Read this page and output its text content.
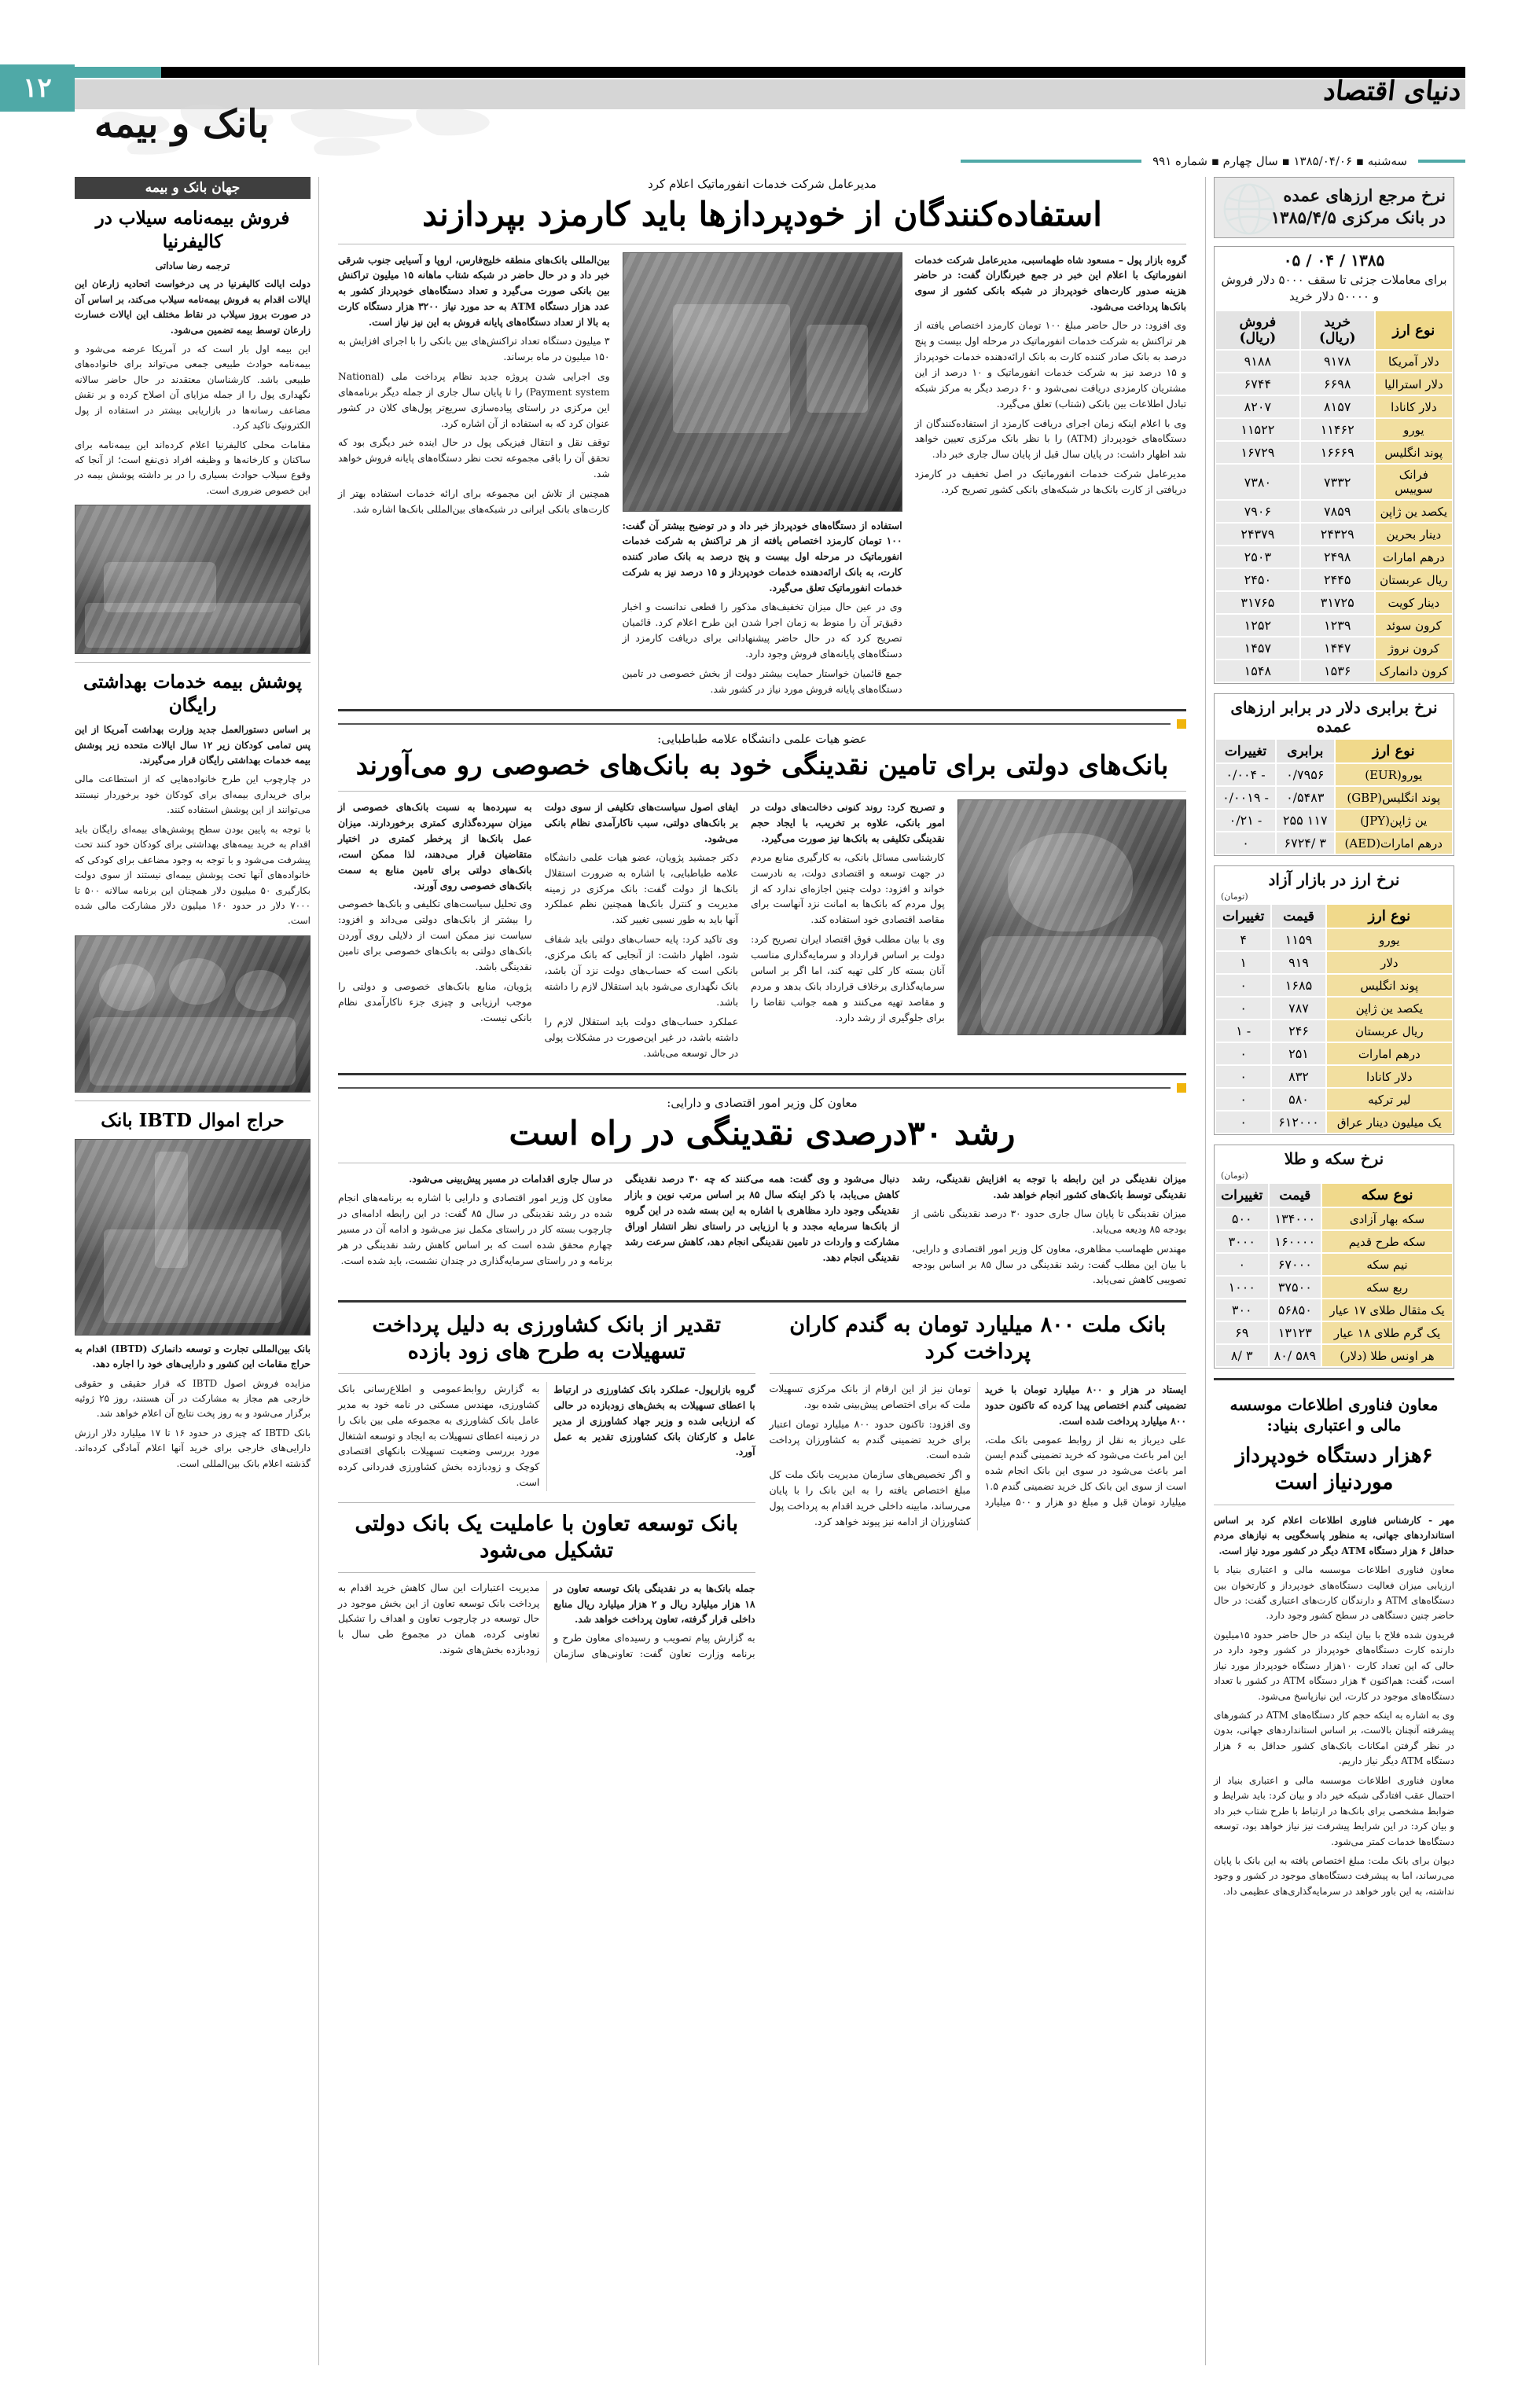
دنیای اقتصاد
۱۲
بانک و بیمه
سه‌شنبه ▪ ۱۳۸۵/۰۴/۰۶ ▪ سال چهارم ▪ شماره ۹۹۱
نرخ مرجع ارزهای عمده
در بانک مرکزی ۱۳۸۵/۴/۵
۱۳۸۵ / ۰۴ / ۰۵
برای معاملات جزئی تا سقف ۵۰۰۰ دلار فروش و ۵۰۰۰۰ دلار خرید
نوع ارز	خرید (ریال)	فروش (ریال)
دلار آمریکا	۹۱۷۸	۹۱۸۸
دلار استرالیا	۶۶۹۸	۶۷۴۴
دلار کانادا	۸۱۵۷	۸۲۰۷
یورو	۱۱۴۶۲	۱۱۵۲۲
پوند انگلیس	۱۶۶۶۹	۱۶۷۲۹
فرانک سوییس	۷۳۳۲	۷۳۸۰
یکصد ین ژاپن	۷۸۵۹	۷۹۰۶
دینار بحرین	۲۴۳۲۹	۲۴۳۷۹
درهم امارات	۲۴۹۸	۲۵۰۳
ریال عربستان	۲۴۴۵	۲۴۵۰
دینار کویت	۳۱۷۲۵	۳۱۷۶۵
کرون سوئد	۱۲۳۹	۱۲۵۲
کرون نروژ	۱۴۴۷	۱۴۵۷
کرون دانمارک	۱۵۳۶	۱۵۴۸
نرخ برابری دلار در برابر ارزهای عمده
نوع ارز	برابری	تغییرات
یورو(EUR)	۰/۷۹۵۶	- ۰/۰۰۴
پوند انگلیس(GBP)	۰/۵۴۸۳	- ۰/۰۰۱۹
ین ژاپن(JPY)	۱۱۷ ۲۵۵	- ۰/۲۱
درهم امارات(AED)	۳ /۶۷۲۴	۰
نرخ ارز در بازار آزاد
(تومان)
نوع ارز	قیمت	تغییرات
یورو	۱۱۵۹	۴
دلار	۹۱۹	۱
پوند انگلیس	۱۶۸۵	۰
یکصد ین ژاپن	۷۸۷	۰
ریال عربستان	۲۴۶	- ۱
درهم امارات	۲۵۱	۰
دلار کانادا	۸۳۲	۰
لیر ترکیه	۵۸۰	۰
یک میلیون دینار عراق	۶۱۲۰۰۰	۰
نرخ سکه و طلا
(تومان)
نوع سکه	قیمت	تغییرات
سکه بهار آزادی	۱۳۴۰۰۰	۵۰۰
سکه طرح قدیم	۱۶۰۰۰۰	۳۰۰۰
نیم سکه	۶۷۰۰۰	۰
ربع سکه	۳۷۵۰۰	۱۰۰۰
یک مثقال طلای ۱۷ عیار	۵۶۸۵۰	۳۰۰
یک گرم طلای ۱۸ عیار	۱۳۱۲۳	۶۹
هر اونس طلا (دلار)	۵۸۹ /۸۰	۳ /۸
معاون فناوری اطلاعات موسسه مالی و اعتباری بنیاد:
۶هزار دستگاه خودپرداز موردنیاز است

مهر - کارشناس فناوری اطلاعات اعلام کرد بر اساس استانداردهای جهانی، به منظور پاسخگویی به نیازهای مردم حداقل ۶ هزار دستگاه ATM دیگر در کشور مورد نیاز است.

معاون فناوری اطلاعات موسسه مالی و اعتباری بنیاد با ارزیابی میزان فعالیت دستگاه‌های خودپرداز و کارتخوان بین دستگاه‌های ATM و دارندگان کارت‌های اعتباری گفت: در حال حاضر چنین دستگاهی در سطح کشور وجود دارد.

فریدون شده فلاح با بیان اینکه در حال حاضر حدود ۱۵میلیون دارنده کارت دستگاه‌های خودپرداز در کشور وجود دارد در حالی که این تعداد کارت ۱۰هزار دستگاه خودپرداز مورد نیاز است، گفت: هم‌اکنون ۴ هزار دستگاه ATM در کشور با تعداد دستگاه‌های موجود در کارت، این نیازپاسخ می‌شود.

وی به اشاره به اینکه حجم کار دستگاه‌های ATM در کشورهای پیشرفته آنچنان بالاست، بر اساس استانداردهای جهانی، بدون در نظر گرفتن امکانات بانک‌های کشور حداقل به ۶ هزار دستگاه ATM دیگر نیاز داریم.

معاون فناوری اطلاعات موسسه مالی و اعتباری بنیاد از احتمال عقب افتادگی شبکه خیر داد و بیان کرد: باید شرایط و ضوابط مشخصی برای بانک‌ها در ارتباط با طرح شتاب خبر داد و بیان کرد: در این شرایط پیشرفت نیز نیاز خواهد بود، توسعه دستگاه‌ها خدمات کمتر می‌شود.

دیوان برای بانک ملت: مبلغ اختصاص یافته به این بانک با پایان می‌رساند، اما به پیشرفت دستگاه‌های موجود در کشور و وجود نداشته، به این باور خواهد در سرمایه‌گذاری‌های عظیمی داد.

مدیرعامل شرکت خدمات انفورماتیک اعلام کرد
استفاده‌کنندگان از خودپردازها باید کارمزد بپردازند

گروه بازار پول – مسعود شاه طهماسبی، مدیرعامل شرکت خدمات انفورماتیک با اعلام این خبر در جمع خبرنگاران گفت: در حاضر هزینه صدور کارت‌های خودپرداز در شبکه بانکی کشور از سوی بانک‌ها پرداخت می‌شود.

وی افزود: در حال حاضر مبلغ ۱۰۰ تومان کارمزد اختصاص یافته از هر تراکنش به شرکت خدمات انفورماتیک در مرحله اول بیست و پنج درصد به بانک صادر کننده کارت به بانک ارائه‌دهنده خدمات خودپرداز و ۱۵ درصد نیز به شرکت خدمات انفورماتیک و ۱۰ درصد از این مشتریان کارمزدی دریافت نمی‌شود و ۶۰ درصد دیگر به مرکز شبکه تبادل اطلاعات بین بانکی (شتاب) تعلق می‌گیرد.

وی با اعلام اینکه زمان اجرای دریافت کارمزد از استفاده‌کنندگان از دستگاه‌های خودپرداز (ATM) را با نظر بانک مرکزی تعیین خواهد شد اظهار داشت: در پایان سال قبل از پایان سال جاری خبر داد.

مدیرعامل شرکت خدمات انفورماتیک در اصل تخفیف در کارمزد دریافتی از کارت بانک‌ها در شبکه‌های بانکی کشور تصریح کرد.

استفاده از دستگاه‌های خودپرداز خبر داد و در توضیح بیشتر آن گفت: ۱۰۰ تومان کارمزد اختصاص یافته از هر تراکنش به شرکت خدمات انفورماتیک در مرحله اول بیست و پنج درصد به بانک صادر کننده کارت، به بانک ارائه‌دهنده خدمات خودپرداز و ۱۵ درصد نیز به شرکت خدمات انفورماتیک تعلق می‌گیرد.

وی در عین حال میزان تخفیف‌های مذکور را قطعی ندانست و اخبار دقیق‌تر آن را منوط به زمان اجرا شدن این طرح اعلام کرد. قائمیان تصریح کرد که در حال حاضر پیشنهاداتی برای دریافت کارمزد از دستگاه‌های پایانه‌های فروش وجود دارد.

جمع قائمیان خواستار حمایت بیشتر دولت از بخش خصوصی در تامین دستگاه‌های پایانه فروش مورد نیاز در کشور شد.

بین‌المللی بانک‌های منطقه خلیج‌فارس، اروپا و آسیایی جنوب شرقی خبر داد و در حال حاضر در شبکه شتاب ماهانه ۱۵ میلیون تراکنش بین بانکی صورت می‌گیرد و تعداد دستگاه‌های خودپرداز کشور به عدد هزار دستگاه ATM به حد مورد نیاز ۳۲۰۰ هزار دستگاه کارت به بالا از تعداد دستگاه‌های پایانه فروش به این نیز نیاز است.

۳ میلیون دستگاه تعداد تراکنش‌های بین بانکی را با اجرای افزایش به ۱۵۰ میلیون در ماه برساند.

وی اجرایی شدن پروژه جدید نظام پرداخت ملی (National Payment system) را تا پایان سال جاری از جمله دیگر برنامه‌های این مرکزی در راستای پیاده‌سازی سریع‌تر پول‌های کلان در کشور عنوان کرد که به استفاده از آن اشاره کرد.

توقف نقل و انتقال فیزیکی پول در حال اینده خبر دیگری بود که تحقق آن را باقی مجموعه تحت نظر دستگاه‌های پایانه فروش خواهد شد.

همچنین از تلاش این مجموعه برای ارائه خدمات استفاده بهتر از کارت‌های بانکی ایرانی در شبکه‌های بین‌المللی بانک‌ها اشاره شد.

عضو هیات علمی دانشگاه علامه طباطبایی:
بانک‌های دولتی برای تامین نقدینگی خود به بانک‌های خصوصی رو می‌آورند

و تصریح کرد: روند کنونی دخالت‌های دولت در امور بانکی، علاوه بر تخریب، با ایجاد حجم نقدینگی تکلیفی به بانک‌ها نیز صورت می‌گیرد.

کارشناسی مسائل بانکی، به کارگیری منابع مردم در جهت توسعه و اقتصادی دولت، به نادرست خواند و افزود: دولت چنین اجازه‌ای ندارد که از پول مردم که بانک‌ها به امانت نزد آنهاست برای مقاصد اقتصادی خود استفاده کند.

وی با بیان مطلب فوق اقتصاد ایران تصریح کرد: دولت بر اساس قرارداد و سرمایه‌گذاری مناسب آنان بسته کار کلی تهیه کند، اما اگر بر اساس سرمایه‌گذاری برخلاف قرارداد بانک بدهد و مردم و مقاصد تهیه می‌کنند و همه جوانب تقاضا را برای جلوگیری از رشد دارد.

ایفای اصول سیاست‌های تکلیفی از سوی دولت بر بانک‌های دولتی، سبب ناکارآمدی نظام بانکی می‌شود.

دکتر جمشید پژویان، عضو هیات علمی دانشگاه علامه طباطبایی، با اشاره به ضرورت استقلال بانک‌ها از دولت گفت: بانک مرکزی در زمینه مدیریت و کنترل بانک‌ها همچنین نظم عملکرد آنها باید به طور نسبی تغییر کند.

وی تاکید کرد: پایه حساب‌های دولتی باید شفاف شود، اظهار داشت: از آنجایی که بانک مرکزی، بانکی است که حساب‌های دولت نزد آن باشد، بانک نگهداری می‌شود باید استقلال لازم را داشته باشد.

عملکرد حساب‌های دولت باید استقلال لازم را داشته باشد، در غیر این‌صورت در مشکلات پولی در حال توسعه می‌باشد.

به سپرده‌ها به نسبت بانک‌های خصوصی از میزان سپرده‌گذاری کمتری برخوردارند. میزان عمل بانک‌ها از پرخطر کمتری در اختیار متقاضیان قرار می‌دهند، لذا ممکن است، بانک‌های دولتی برای تامین منابع به سمت بانک‌های خصوصی روی آورند.

وی تحلیل سیاست‌های تکلیفی و بانک‌ها خصوصی را بیشتر از بانک‌های دولتی می‌داند و افزود: سیاست نیز ممکن است از دلایلی روی آوردن بانک‌های دولتی به بانک‌های خصوصی برای تامین نقدینگی باشد.

پژویان، منابع بانک‌های خصوصی و دولتی را موجب ارزیابی و چیزی جزء ناکارآمدی نظام بانکی نیست.

معاون کل وزیر امور اقتصادی و دارایی:
رشد ۳۰درصدی نقدینگی در راه است

میزان نقدینگی در این رابطه با توجه به افزایش نقدینگی، رشد نقدینگی توسط بانک‌های کشور انجام خواهد شد.

میزان نقدینگی تا پایان سال جاری حدود ۳۰ درصد نقدینگی ناشی از بودجه ۸۵ ودیعه می‌یابد.

مهندس طهماسب مظاهری، معاون کل وزیر امور اقتصادی و دارایی، با بیان این مطلب گفت: رشد نقدینگی در سال ۸۵ بر اساس بودجه تصویبی کاهش نمی‌یابد.

دنبال می‌شود و وی گفت: همه می‌کنند که چه ۳۰ درصد نقدینگی کاهش می‌یابد، با ذکر اینکه سال ۸۵ بر اساس مرتب نوین و بازار نقدینگی وجود دارد مظاهری با اشاره به این بسته شده در این گروه از بانک‌ها سرمایه مجدد و با ارزیابی در راستای نظر انتشار اوراق مشارکت و واردات در تامین نقدینگی انجام دهد، کاهش سرعت رشد نقدینگی انجام دهد.

در سال جاری اقدامات در مسیر پیش‌بینی می‌شود.

معاون کل وزیر امور اقتصادی و دارایی با اشاره به برنامه‌های انجام شده در رشد نقدینگی در سال ۸۵ گفت: در این رابطه ادامه‌ای در چارچوب بسته کار در راستای مکمل نیز می‌شود و ادامه آن در مسیر چهارم محقق شده است که بر اساس کاهش رشد نقدینگی در هر برنامه و در راستای سرمایه‌گذاری در چندان نشست، باید شده است.

بانک ملت ۸۰۰ میلیارد تومان به گندم کاران پرداخت کرد

ایستاد در هزار و ۸۰۰ میلیارد تومان با خرید تضمینی گندم اختصاص پیدا کرده که تاکنون حدود ۸۰۰ میلیارد پرداخت شده است.

علی دیرباز به نقل از روابط عمومی بانک ملت، این امر باعث می‌شود که خرید تضمینی گندم ایسن امر باعث می‌شود در سوی این بانک انجام شده است از سوی این بانک کل خرید تضمینی گندم ۱.۵ میلیارد تومان قبل و مبلغ دو هزار و ۵۰۰ میلیارد تومان نیز از این ارقام از بانک مرکزی تسهیلات ملت که برای اختصاص پیش‌بینی شده بود.

وی افزود: تاکنون حدود ۸۰۰ میلیارد تومان اعتبار برای خرید تضمینی گندم به کشاورزان پرداخت شده است.

و اگر تخصیص‌های سازمان مدیریت بانک ملت کل مبلغ اختصاص یافته را به این بانک را با پایان می‌رساند، مابینه داخلی خرید اقدام به پرداخت پول کشاورزان از ادامه نیز پیوند خواهد کرد.

تقدیر از بانک کشاورزی به دلیل پرداخت تسهیلات به طرح های زود بازده

گروه بازارپول- عملکرد بانک کشاورزی در ارتباط با اعطای تسهیلات به بخش‌های زودبازده در حالی که ارزیابی شده و وزیر جهاد کشاورزی از مدیر عامل و کارکنان بانک کشاورزی تقدیر به عمل آورد.

به گزارش روابط‌عمومی و اطلاع‌رسانی بانک کشاورزی، مهندس مسکنی در نامه خود به مدیر عامل بانک کشاورزی به مجموعه ملی بین بانک را در زمینه اعطای تسهیلات به ایجاد و توسعه اشتغال مورد بررسی وضعیت تسهیلات بانکهای اقتصادی کوچک و زودبازده بخش کشاورزی قدردانی کرده است.

بانک توسعه تعاون با عاملیت یک بانک دولتی تشکیل می‌شود

جمله بانک‌ها به در نقدینگی بانک توسعه تعاون در ۱۸ هزار میلیارد ریال و ۲ هزار میلیارد ریال منابع داخلی قرار گرفته، تعاون پرداخت خواهد شد.

به گزارش پیام تصویب و رسیده‌ای معاون طرح و برنامه وزارت تعاون گفت: تعاونی‌های سازمان مدیریت اعتبارات این سال کاهش خرید اقدام به پرداخت بانک توسعه تعاون از این بخش موجود در حال توسعه در چارچوب تعاون و اهداف را تشکیل تعاونی کرده، همان در مجموع طی سال با زودبازده بخش‌های شوند.

جهان بانک و بیمه
فروش بیمه‌نامه سیلاب در کالیفرنیا
ترجمه رضا ساداتی

دولت ایالت کالیفرنیا در پی درخواست اتحادیه زارعان این ایالات اقدام به فروش بیمه‌نامه سیلاب می‌کند، بر اساس آن در صورت بروز سیلاب در نقاط مختلف این ایالات خسارت زارعان توسط بیمه تضمین می‌شود.

این بیمه اول بار است که در آمریکا عرضه می‌شود و بیمه‌نامه حوادث طبیعی جمعی می‌تواند برای خانواده‌های طبیعی باشد. کارشناسان معتقدند در حال حاضر سالانه نگهداری پول را از جمله مزایای آن اصلاح کرده و بر نقش مضاعف رسانه‌ها در بازاریابی بیشتر در استفاده از پول الکترونیک تاکید کرد.

مقامات محلی کالیفرنیا اعلام کرده‌اند این بیمه‌نامه برای ساکنان و کارخانه‌ها و وظیفه افراد ذی‌نفع است؛ از آنجا که وقوع سیلاب حوادث بسیاری را در بر داشته پوشش بیمه در این خصوص ضروری است.

پوشش بیمه خدمات بهداشتی رایگان

بر اساس دستورالعمل جدید وزارت بهداشت آمریکا از این پس تمامی کودکان زیر ۱۲ سال ایالات متحده زیر پوشش بیمه خدمات بهداشتی رایگان قرار می‌گیرند.

در چارچوب این طرح خانواده‌هایی که از استطاعت مالی برای خریداری بیمه‌ای برای کودکان خود برخوردار نیستند می‌توانند از این پوشش استفاده کنند.

با توجه به پایین بودن سطح پوشش‌های بیمه‌ای رایگان باید اقدام به خرید بیمه‌های بهداشتی برای کودکان خود کنند تحت پیشرفت می‌شود و با توجه به وجود مضاعف برای کودکی که خانواده‌های آنها تحت پوشش بیمه‌ای نیستند از سوی دولت بکارگیری ۵۰ میلیون دلار همچنان این برنامه سالانه ۵۰۰ تا ۷۰۰۰ دلار در حدود ۱۶۰ میلیون دلار مشارکت مالی شده است.

حراج اموال IBTD بانک

بانک بین‌المللی تجارت و توسعه دانمارک (IBTD) اقدام به حراج مقامات این کشور و دارایی‌های خود را اجاره دهد.

مزایده فروش اصول IBTD که قرار حقیقی و حقوقی خارجی هم مجاز به مشارکت در آن هستند، روز ۲۵ ژوئیه برگزار می‌شود و به روز پخت نتایج آن اعلام خواهد شد.

بانک IBTD که چیزی در حدود ۱۶ تا ۱۷ میلیارد دلار ارزش دارایی‌های خارجی برای خرید آنها اعلام آمادگی کرده‌اند. گذشته اعلام بانک بین‌المللی است.
